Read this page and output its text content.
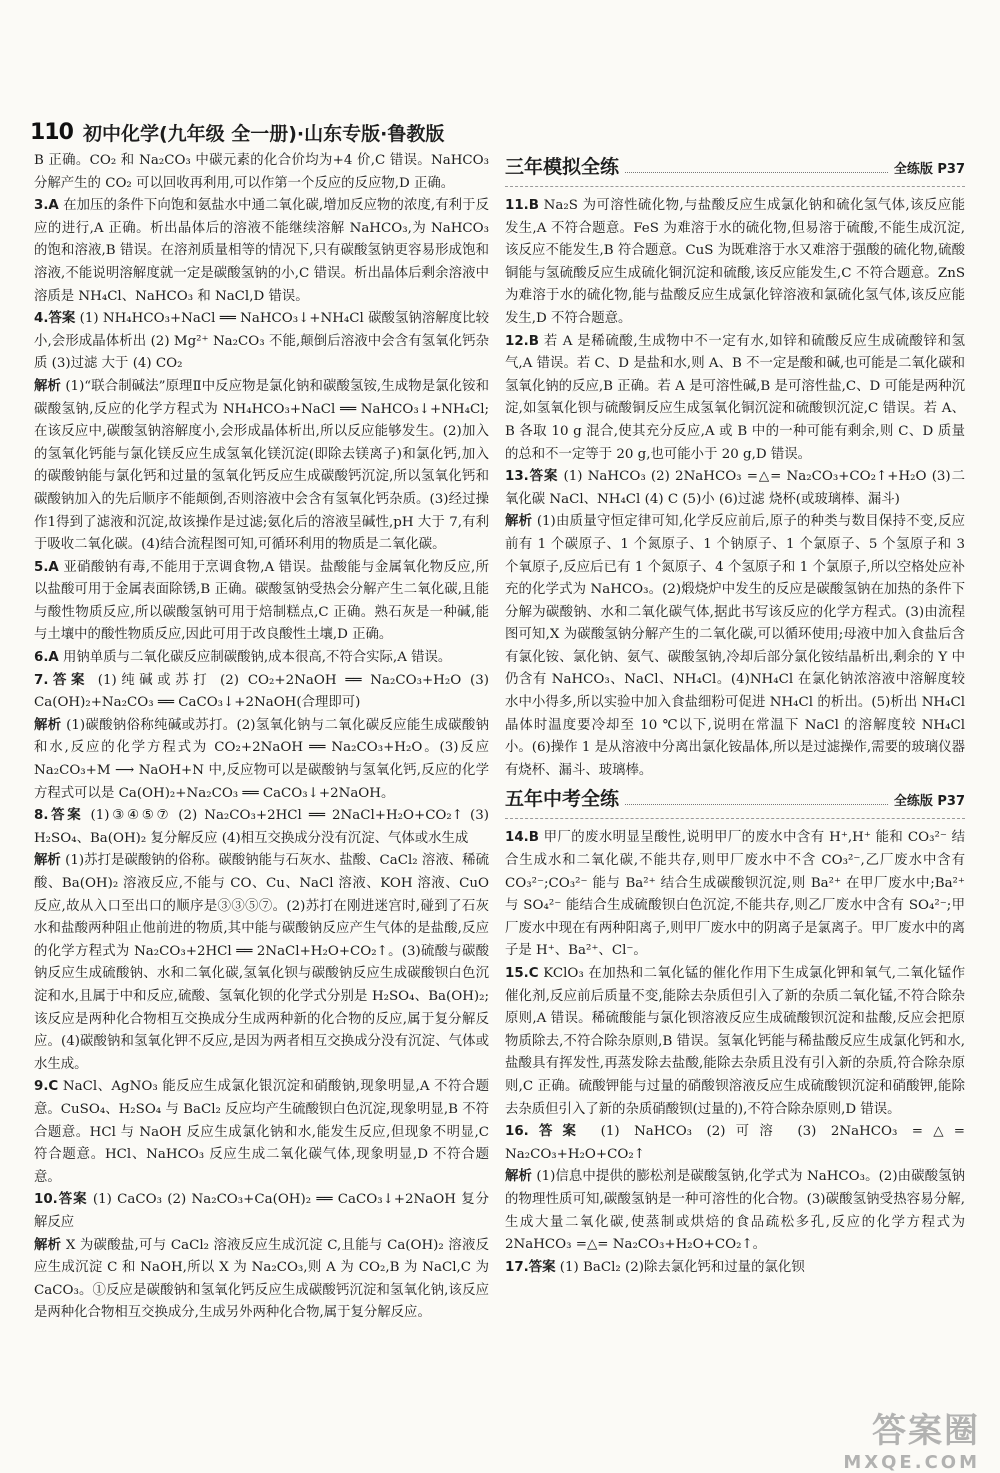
110 初中化学(九年级 全一册)·山东专版·鲁教版

B 正确。CO₂ 和 Na₂CO₃ 中碳元素的化合价均为+4 价,C 错误。NaHCO₃ 分解产生的 CO₂ 可以回收再利用,可以作第一个反应的反应物,D 正确。

3.A 在加压的条件下向饱和氨盐水中通二氧化碳,增加反应物的浓度,有利于反应的进行,A 正确。析出晶体后的溶液不能继续溶解 NaHCO₃,为 NaHCO₃ 的饱和溶液,B 错误。在溶剂质量相等的情况下,只有碳酸氢钠更容易形成饱和溶液,不能说明溶解度就一定是碳酸氢钠的小,C 错误。析出晶体后剩余溶液中溶质是 NH₄Cl、NaHCO₃ 和 NaCl,D 错误。

4.答案 (1) NH₄HCO₃+NaCl ══ NaHCO₃↓+NH₄Cl 碳酸氢钠溶解度比较小,会形成晶体析出 (2) Mg²⁺ Na₂CO₃ 不能,颠倒后溶液中会含有氢氧化钙杂质 (3)过滤 大于 (4) CO₂

解析 (1)“联合制碱法”原理Ⅱ中反应物是氯化钠和碳酸氢铵,生成物是氯化铵和碳酸氢钠,反应的化学方程式为 NH₄HCO₃+NaCl ══ NaHCO₃↓+NH₄Cl;在该反应中,碳酸氢钠溶解度小,会形成晶体析出,所以反应能够发生。(2)加入的氢氧化钙能与氯化镁反应生成氢氧化镁沉淀(即除去镁离子)和氯化钙,加入的碳酸钠能与氯化钙和过量的氢氧化钙反应生成碳酸钙沉淀,所以氢氧化钙和碳酸钠加入的先后顺序不能颠倒,否则溶液中会含有氢氧化钙杂质。(3)经过操作1得到了滤液和沉淀,故该操作是过滤;氨化后的溶液呈碱性,pH 大于 7,有利于吸收二氧化碳。(4)结合流程图可知,可循环利用的物质是二氧化碳。

5.A 亚硝酸钠有毒,不能用于烹调食物,A 错误。盐酸能与金属氧化物反应,所以盐酸可用于金属表面除锈,B 正确。碳酸氢钠受热会分解产生二氧化碳,且能与酸性物质反应,所以碳酸氢钠可用于焙制糕点,C 正确。熟石灰是一种碱,能与土壤中的酸性物质反应,因此可用于改良酸性土壤,D 正确。

6.A 用钠单质与二氧化碳反应制碳酸钠,成本很高,不符合实际,A 错误。

7.答案 (1)纯碱或苏打 (2) CO₂+2NaOH ══ Na₂CO₃+H₂O (3) Ca(OH)₂+Na₂CO₃ ══ CaCO₃↓+2NaOH(合理即可)

解析 (1)碳酸钠俗称纯碱或苏打。(2)氢氧化钠与二氧化碳反应能生成碳酸钠和水,反应的化学方程式为 CO₂+2NaOH ══ Na₂CO₃+H₂O。(3)反应 Na₂CO₃+M ⟶ NaOH+N 中,反应物可以是碳酸钠与氢氧化钙,反应的化学方程式可以是 Ca(OH)₂+Na₂CO₃ ══ CaCO₃↓+2NaOH。

8.答案 (1)③④⑤⑦ (2) Na₂CO₃+2HCl ══ 2NaCl+H₂O+CO₂↑ (3) H₂SO₄、Ba(OH)₂ 复分解反应 (4)相互交换成分没有沉淀、气体或水生成

解析 (1)苏打是碳酸钠的俗称。碳酸钠能与石灰水、盐酸、CaCl₂ 溶液、稀硫酸、Ba(OH)₂ 溶液反应,不能与 CO、Cu、NaCl 溶液、KOH 溶液、CuO 反应,故从入口至出口的顺序是③③⑤⑦。(2)苏打在刚进迷宫时,碰到了石灰水和盐酸两种阻止他前进的物质,其中能与碳酸钠反应产生气体的是盐酸,反应的化学方程式为 Na₂CO₃+2HCl ══ 2NaCl+H₂O+CO₂↑。(3)硫酸与碳酸钠反应生成硫酸钠、水和二氧化碳,氢氧化钡与碳酸钠反应生成碳酸钡白色沉淀和水,且属于中和反应,硫酸、氢氧化钡的化学式分别是 H₂SO₄、Ba(OH)₂;该反应是两种化合物相互交换成分生成两种新的化合物的反应,属于复分解反应。(4)碳酸钠和氢氧化钾不反应,是因为两者相互交换成分没有沉淀、气体或水生成。

9.C NaCl、AgNO₃ 能反应生成氯化银沉淀和硝酸钠,现象明显,A 不符合题意。CuSO₄、H₂SO₄ 与 BaCl₂ 反应均产生硫酸钡白色沉淀,现象明显,B 不符合题意。HCl 与 NaOH 反应生成氯化钠和水,能发生反应,但现象不明显,C 符合题意。HCl、NaHCO₃ 反应生成二氧化碳气体,现象明显,D 不符合题意。

10.答案 (1) CaCO₃ (2) Na₂CO₃+Ca(OH)₂ ══ CaCO₃↓+2NaOH 复分解反应

解析 X 为碳酸盐,可与 CaCl₂ 溶液反应生成沉淀 C,且能与 Ca(OH)₂ 溶液反应生成沉淀 C 和 NaOH,所以 X 为 Na₂CO₃,则 A 为 CO₂,B 为 NaCl,C 为 CaCO₃。①反应是碳酸钠和氢氧化钙反应生成碳酸钙沉淀和氢氧化钠,该反应是两种化合物相互交换成分,生成另外两种化合物,属于复分解反应。

三年模拟全练	全练版 P37

11.B Na₂S 为可溶性硫化物,与盐酸反应生成氯化钠和硫化氢气体,该反应能发生,A 不符合题意。FeS 为难溶于水的硫化物,但易溶于硫酸,不能生成沉淀,该反应不能发生,B 符合题意。CuS 为既难溶于水又难溶于强酸的硫化物,硫酸铜能与氢硫酸反应生成硫化铜沉淀和硫酸,该反应能发生,C 不符合题意。ZnS 为难溶于水的硫化物,能与盐酸反应生成氯化锌溶液和氯硫化氢气体,该反应能发生,D 不符合题意。

12.B 若 A 是稀硫酸,生成物中不一定有水,如锌和硫酸反应生成硫酸锌和氢气,A 错误。若 C、D 是盐和水,则 A、B 不一定是酸和碱,也可能是二氧化碳和氢氧化钠的反应,B 正确。若 A 是可溶性碱,B 是可溶性盐,C、D 可能是两种沉淀,如氢氧化钡与硫酸铜反应生成氢氧化铜沉淀和硫酸钡沉淀,C 错误。若 A、B 各取 10 g 混合,使其充分反应,A 或 B 中的一种可能有剩余,则 C、D 质量的总和不一定等于 20 g,也可能小于 20 g,D 错误。

13.答案 (1) NaHCO₃ (2) 2NaHCO₃ =△= Na₂CO₃+CO₂↑+H₂O (3)二氧化碳 NaCl、NH₄Cl (4) C (5)小 (6)过滤 烧杯(或玻璃棒、漏斗)

解析 (1)由质量守恒定律可知,化学反应前后,原子的种类与数目保持不变,反应前有 1 个碳原子、1 个氮原子、1 个钠原子、1 个氯原子、5 个氢原子和 3 个氧原子,反应后已有 1 个氮原子、4 个氢原子和 1 个氯原子,所以空格处应补充的化学式为 NaHCO₃。(2)煅烧炉中发生的反应是碳酸氢钠在加热的条件下分解为碳酸钠、水和二氧化碳气体,据此书写该反应的化学方程式。(3)由流程图可知,X 为碳酸氢钠分解产生的二氧化碳,可以循环使用;母液中加入食盐后含有氯化铵、氯化钠、氨气、碳酸氢钠,冷却后部分氯化铵结晶析出,剩余的 Y 中仍含有 NaHCO₃、NaCl、NH₄Cl。(4)NH₄Cl 在氯化钠浓溶液中溶解度较水中小得多,所以实验中加入食盐细粉可促进 NH₄Cl 的析出。(5)析出 NH₄Cl 晶体时温度要冷却至 10 ℃以下,说明在常温下 NaCl 的溶解度较 NH₄Cl 小。(6)操作 1 是从溶液中分离出氯化铵晶体,所以是过滤操作,需要的玻璃仪器有烧杯、漏斗、玻璃棒。

五年中考全练	全练版 P37

14.B 甲厂的废水明显呈酸性,说明甲厂的废水中含有 H⁺,H⁺ 能和 CO₃²⁻ 结合生成水和二氧化碳,不能共存,则甲厂废水中不含 CO₃²⁻,乙厂废水中含有 CO₃²⁻;CO₃²⁻ 能与 Ba²⁺ 结合生成碳酸钡沉淀,则 Ba²⁺ 在甲厂废水中;Ba²⁺ 与 SO₄²⁻ 能结合生成硫酸钡白色沉淀,不能共存,则乙厂废水中含有 SO₄²⁻;甲厂废水中现在有两种阳离子,则甲厂废水中的阴离子是氯离子。甲厂废水中的离子是 H⁺、Ba²⁺、Cl⁻。

15.C KClO₃ 在加热和二氧化锰的催化作用下生成氯化钾和氧气,二氧化锰作催化剂,反应前后质量不变,能除去杂质但引入了新的杂质二氧化锰,不符合除杂原则,A 错误。稀硫酸能与氯化钡溶液反应生成硫酸钡沉淀和盐酸,反应会把原物质除去,不符合除杂原则,B 错误。氢氧化钙能与稀盐酸反应生成氯化钙和水,盐酸具有挥发性,再蒸发除去盐酸,能除去杂质且没有引入新的杂质,符合除杂原则,C 正确。硫酸钾能与过量的硝酸钡溶液反应生成硫酸钡沉淀和硝酸钾,能除去杂质但引入了新的杂质硝酸钡(过量的),不符合除杂原则,D 错误。

16.答案 (1) NaHCO₃ (2)可溶 (3) 2NaHCO₃ =△= Na₂CO₃+H₂O+CO₂↑

解析 (1)信息中提供的膨松剂是碳酸氢钠,化学式为 NaHCO₃。(2)由碳酸氢钠的物理性质可知,碳酸氢钠是一种可溶性的化合物。(3)碳酸氢钠受热容易分解,生成大量二氧化碳,使蒸制或烘焙的食品疏松多孔,反应的化学方程式为 2NaHCO₃ =△= Na₂CO₃+H₂O+CO₂↑。

17.答案 (1) BaCl₂ (2)除去氯化钙和过量的氯化钡

答案圈
MXQE.COM
